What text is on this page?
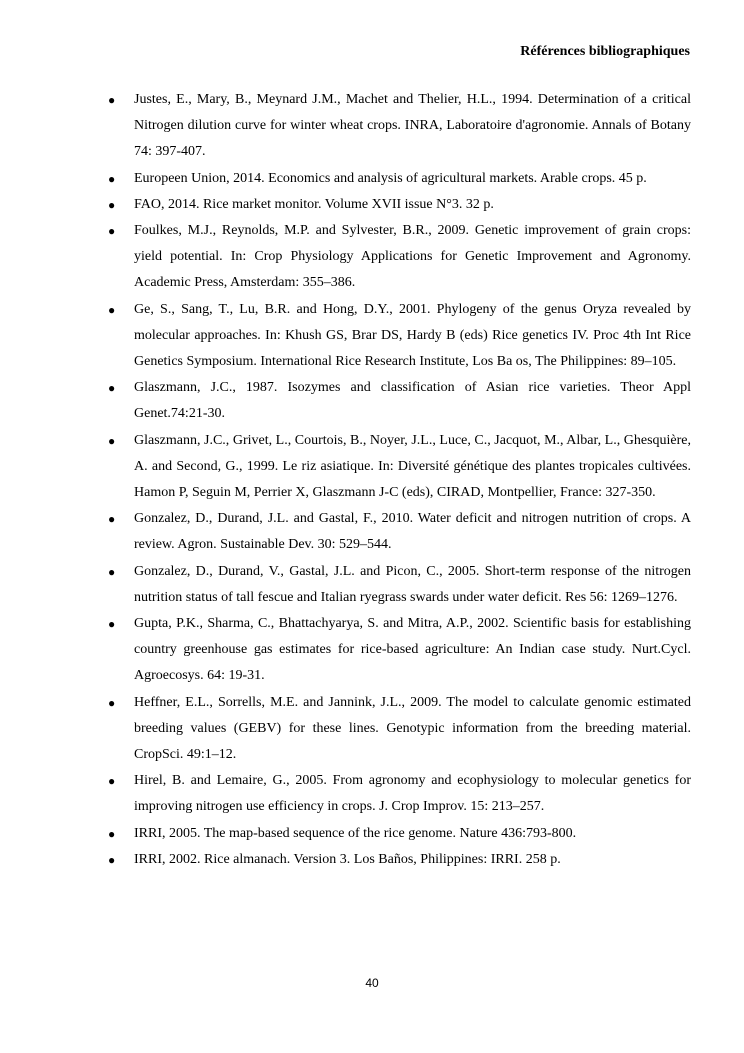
Références bibliographiques
● Justes, E., Mary, B., Meynard J.M., Machet and Thelier, H.L., 1994. Determination of a critical Nitrogen dilution curve for winter wheat crops. INRA, Laboratoire d'agronomie. Annals of Botany 74: 397-407.
● Europeen Union, 2014. Economics and analysis of agricultural markets. Arable crops. 45 p.
● FAO, 2014. Rice market monitor. Volume XVII issue N°3. 32 p.
● Foulkes, M.J., Reynolds, M.P. and Sylvester, B.R., 2009. Genetic improvement of grain crops: yield potential. In: Crop Physiology Applications for Genetic Improvement and Agronomy. Academic Press, Amsterdam: 355–386.
● Ge, S., Sang, T., Lu, B.R. and Hong, D.Y., 2001. Phylogeny of the genus Oryza revealed by molecular approaches. In: Khush GS, Brar DS, Hardy B (eds) Rice genetics IV. Proc 4th Int Rice Genetics Symposium. International Rice Research Institute, Los Ba os, The Philippines: 89–105.
● Glaszmann, J.C., 1987. Isozymes and classification of Asian rice varieties. Theor Appl Genet.74:21-30.
● Glaszmann, J.C., Grivet, L., Courtois, B., Noyer, J.L., Luce, C., Jacquot, M., Albar, L., Ghesquière, A. and Second, G., 1999. Le riz asiatique. In: Diversité génétique des plantes tropicales cultivées. Hamon P, Seguin M, Perrier X, Glaszmann J-C (eds), CIRAD, Montpellier, France: 327-350.
● Gonzalez, D., Durand, J.L. and Gastal, F., 2010. Water deficit and nitrogen nutrition of crops. A review. Agron. Sustainable Dev. 30: 529–544.
● Gonzalez, D., Durand, V., Gastal, J.L. and Picon, C., 2005. Short-term response of the nitrogen nutrition status of tall fescue and Italian ryegrass swards under water deficit. Res 56: 1269–1276.
● Gupta, P.K., Sharma, C., Bhattachyarya, S. and Mitra, A.P., 2002. Scientific basis for establishing country greenhouse gas estimates for rice-based agriculture: An Indian case study. Nurt.Cycl. Agroecosys. 64: 19-31.
● Heffner, E.L., Sorrells, M.E. and Jannink, J.L., 2009. The model to calculate genomic estimated breeding values (GEBV) for these lines. Genotypic information from the breeding material. CropSci. 49:1–12.
● Hirel, B. and Lemaire, G., 2005. From agronomy and ecophysiology to molecular genetics for improving nitrogen use efficiency in crops. J. Crop Improv. 15: 213–257.
● IRRI, 2005. The map-based sequence of the rice genome. Nature 436:793-800.
● IRRI, 2002. Rice almanach. Version 3. Los Baños, Philippines: IRRI. 258 p.
40
